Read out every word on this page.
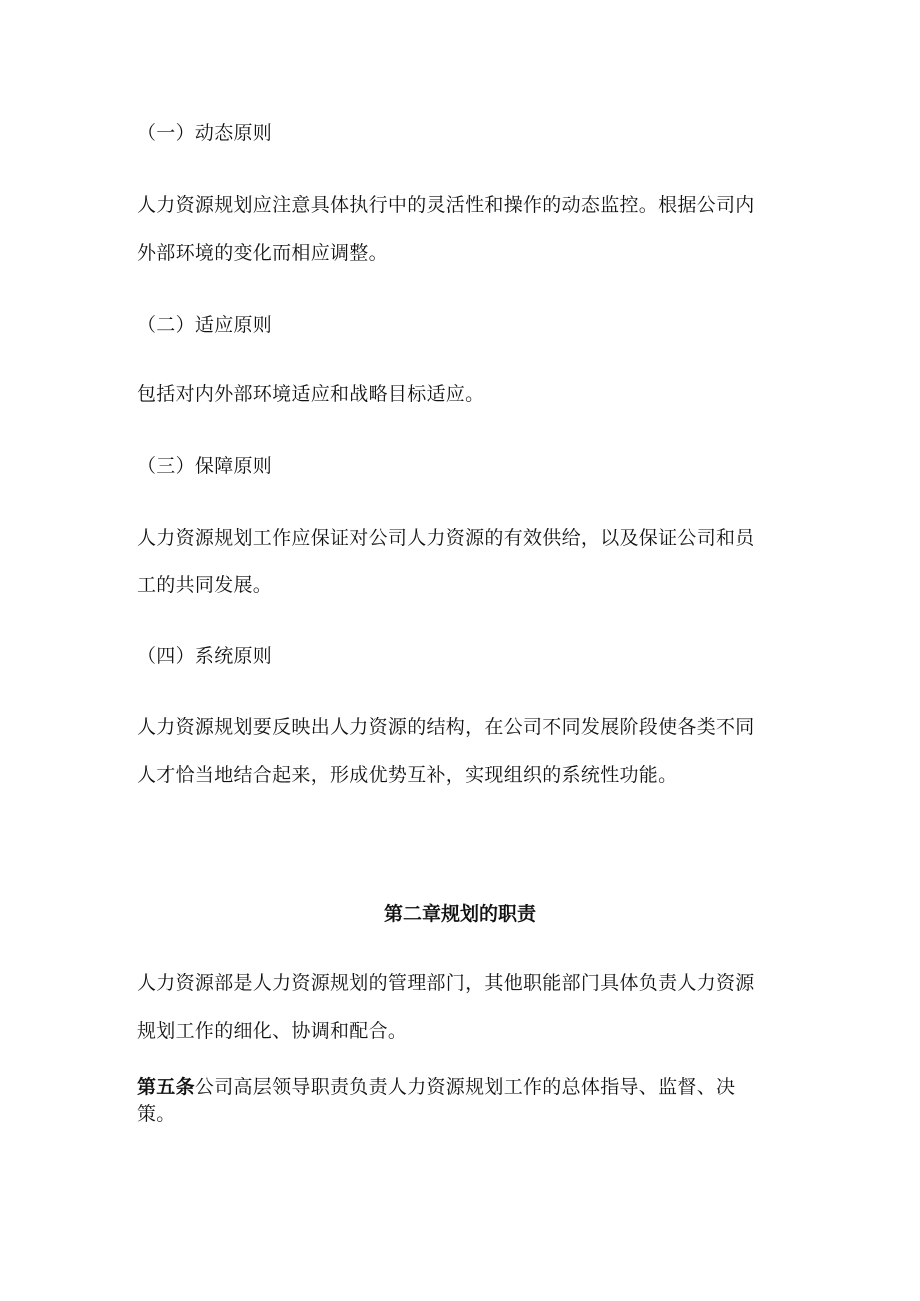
（一）动态原则
人力资源规划应注意具体执行中的灵活性和操作的动态监控。根据公司内
外部环境的变化而相应调整。
（二）适应原则
包括对内外部环境适应和战略目标适应。
（三）保障原则
人力资源规划工作应保证对公司人力资源的有效供给，以及保证公司和员
工的共同发展。
（四）系统原则
人力资源规划要反映出人力资源的结构，在公司不同发展阶段使各类不同
人才恰当地结合起来，形成优势互补，实现组织的系统性功能。
第二章规划的职责
人力资源部是人力资源规划的管理部门，其他职能部门具体负责人力资源
规划工作的细化、协调和配合。
第五条公司高层领导职责负责人力资源规划工作的总体指导、监督、决
策。
